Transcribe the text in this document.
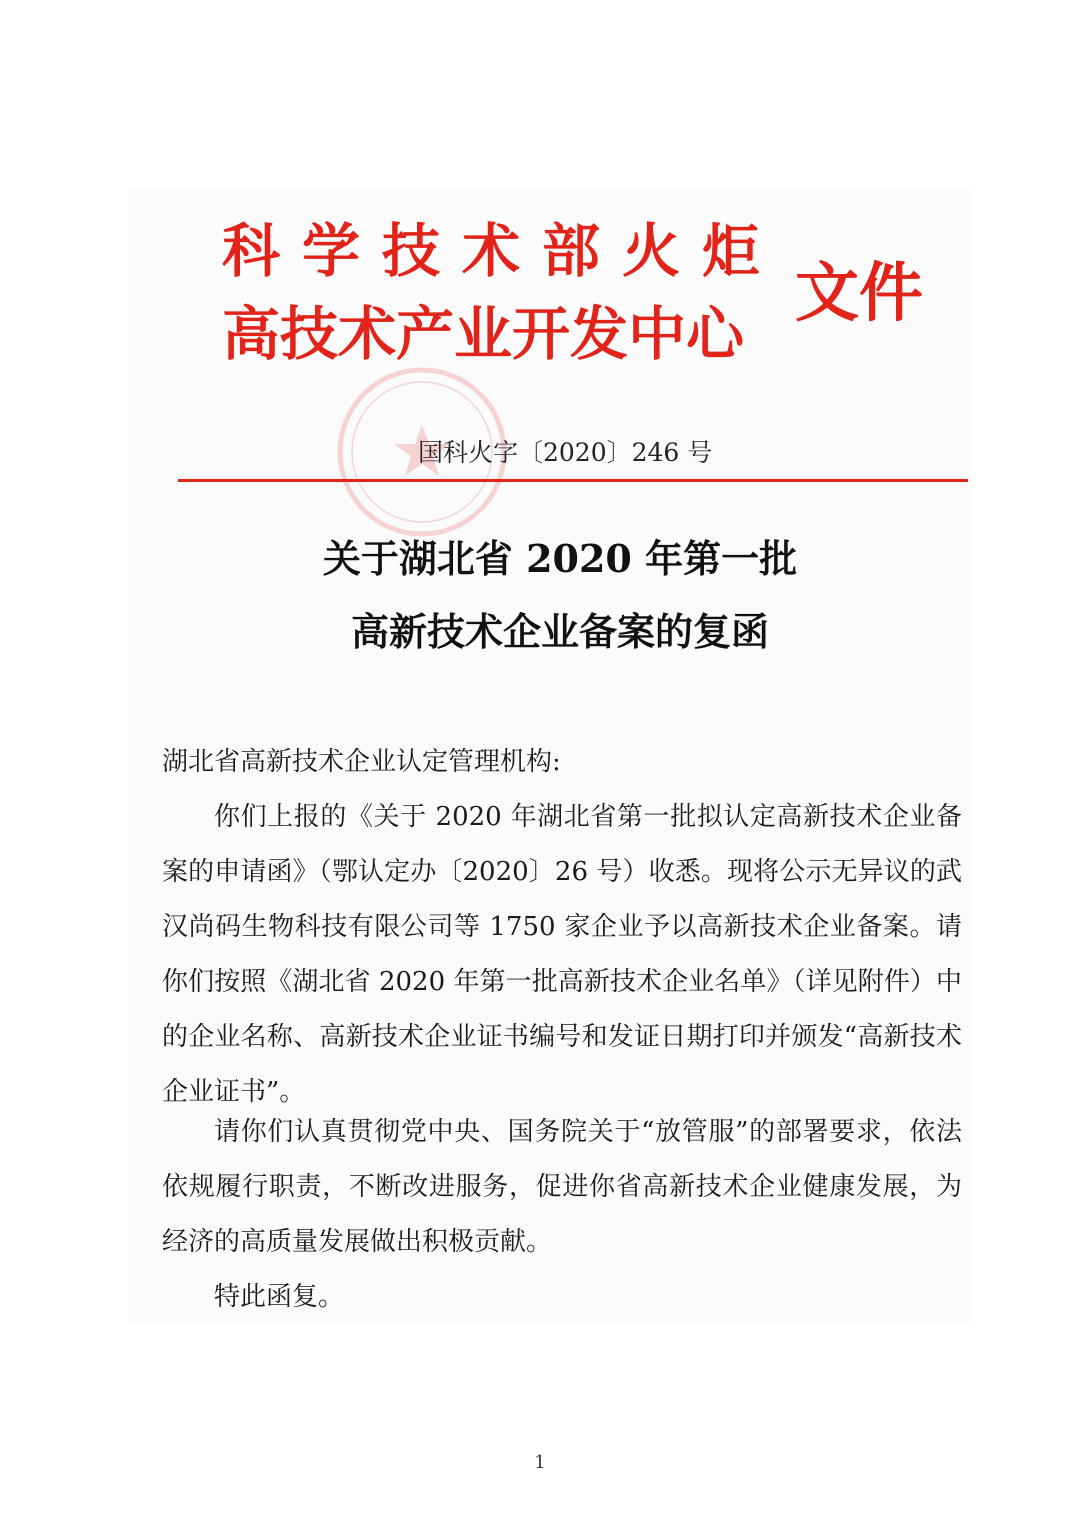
科学技术部火炬
高技术产业开发中心
文件
国科火字〔2020〕246 号
关于湖北省 2020 年第一批
高新技术企业备案的复函
湖北省高新技术企业认定管理机构:
你们上报的《关于 2020 年湖北省第一批拟认定高新技术企业备案的申请函》（鄂认定办〔2020〕26 号）收悉。现将公示无异议的武汉尚码生物科技有限公司等 1750 家企业予以高新技术企业备案。请你们按照《湖北省 2020 年第一批高新技术企业名单》（详见附件）中的企业名称、高新技术企业证书编号和发证日期打印并颁发“高新技术企业证书”。
请你们认真贯彻党中央、国务院关于“放管服”的部署要求，依法依规履行职责，不断改进服务，促进你省高新技术企业健康发展，为经济的高质量发展做出积极贡献。
特此函复。
1
